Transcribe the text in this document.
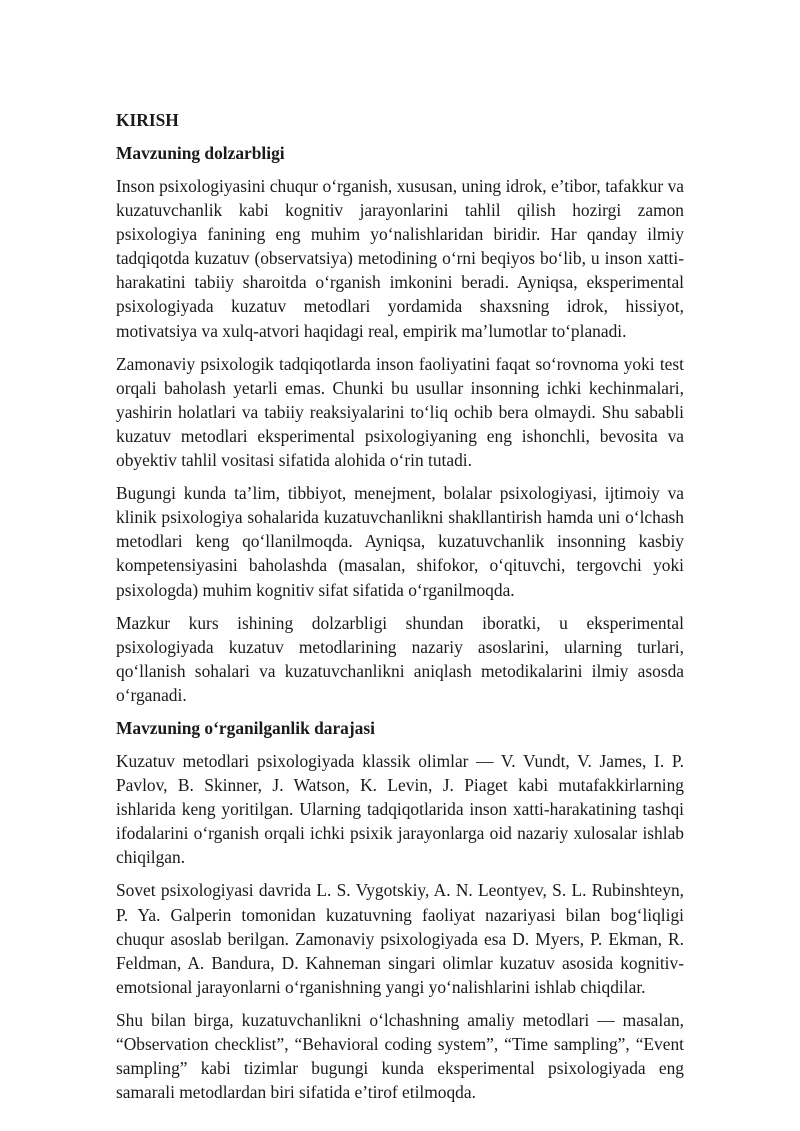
KIRISH
Mavzuning dolzarbligi

Inson psixologiyasini chuqur o‘rganish, xususan, uning idrok, e’tibor, tafakkur va kuzatuvchanlik kabi kognitiv jarayonlarini tahlil qilish hozirgi zamon psixologiya fanining eng muhim yo‘nalishlaridan biridir. Har qanday ilmiy tadqiqotda kuzatuv (observatsiya) metodining o‘rni beqiyos bo‘lib, u inson xatti-harakatini tabiiy sharoitda o‘rganish imkonini beradi. Ayniqsa, eksperimental psixologiyada kuzatuv metodlari yordamida shaxsning idrok, hissiyot, motivatsiya va xulq-atvori haqidagi real, empirik ma’lumotlar to‘planadi.

Zamonaviy psixologik tadqiqotlarda inson faoliyatini faqat so‘rovnoma yoki test orqali baholash yetarli emas. Chunki bu usullar insonning ichki kechinmalari, yashirin holatlari va tabiiy reaksiyalarini to‘liq ochib bera olmaydi. Shu sababli kuzatuv metodlari eksperimental psixologiyaning eng ishonchli, bevosita va obyektiv tahlil vositasi sifatida alohida o‘rin tutadi.

Bugungi kunda ta’lim, tibbiyot, menejment, bolalar psixologiyasi, ijtimoiy va klinik psixologiya sohalarida kuzatuvchanlikni shakllantirish hamda uni o‘lchash metodlari keng qo‘llanilmoqda. Ayniqsa, kuzatuvchanlik insonning kasbiy kompetensiyasini baholashda (masalan, shifokor, o‘qituvchi, tergovchi yoki psixologda) muhim kognitiv sifat sifatida o‘rganilmoqda.

Mazkur kurs ishining dolzarbligi shundan iboratki, u eksperimental psixologiyada kuzatuv metodlarining nazariy asoslarini, ularning turlari, qo‘llanish sohalari va kuzatuvchanlikni aniqlash metodikalarini ilmiy asosda o‘rganadi.

Mavzuning o‘rganilganlik darajasi

Kuzatuv metodlari psixologiyada klassik olimlar — V. Vundt, V. James, I. P. Pavlov, B. Skinner, J. Watson, K. Levin, J. Piaget kabi mutafakkirlarning ishlarida keng yoritilgan. Ularning tadqiqotlarida inson xatti-harakatining tashqi ifodalarini o‘rganish orqali ichki psixik jarayonlarga oid nazariy xulosalar ishlab chiqilgan.

Sovet psixologiyasi davrida L. S. Vygotskiy, A. N. Leontyev, S. L. Rubinshteyn, P. Ya. Galperin tomonidan kuzatuvning faoliyat nazariyasi bilan bog‘liqligi chuqur asoslab berilgan. Zamonaviy psixologiyada esa D. Myers, P. Ekman, R. Feldman, A. Bandura, D. Kahneman singari olimlar kuzatuv asosida kognitiv-emotsional jarayonlarni o‘rganishning yangi yo‘nalishlarini ishlab chiqdilar.

Shu bilan birga, kuzatuvchanlikni o‘lchashning amaliy metodlari — masalan, “Observation checklist”, “Behavioral coding system”, “Time sampling”, “Event sampling” kabi tizimlar bugungi kunda eksperimental psixologiyada eng samarali metodlardan biri sifatida e’tirof etilmoqda.
